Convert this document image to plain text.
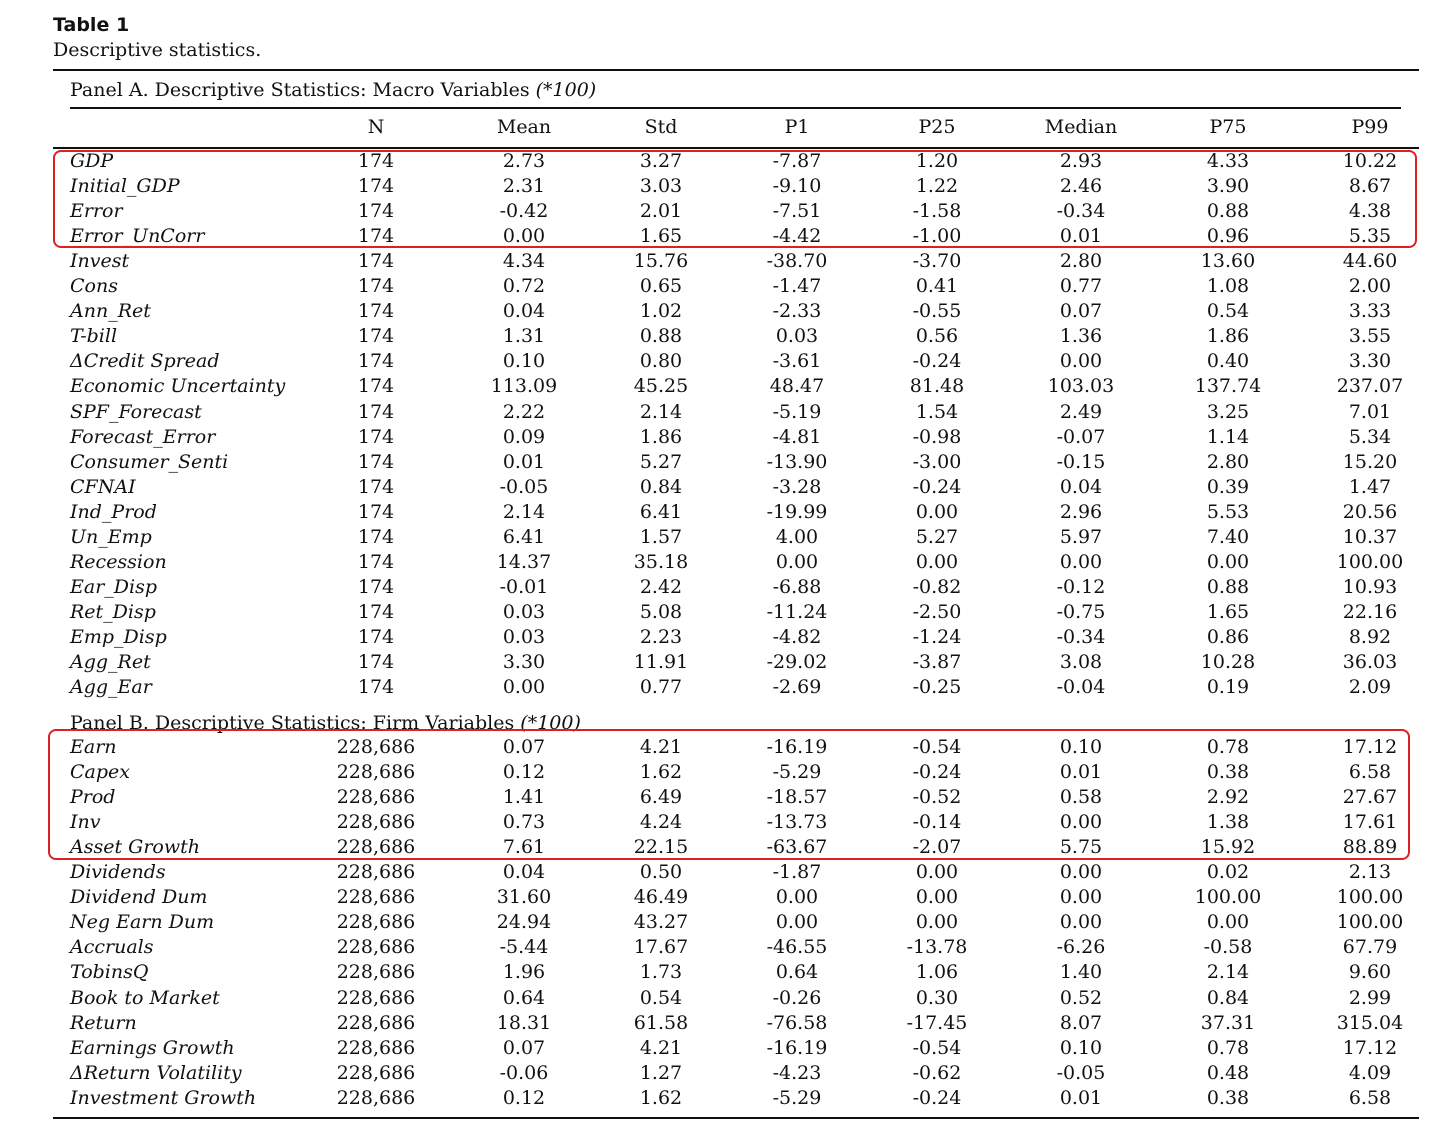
Table 1
Descriptive statistics.
Panel A. Descriptive Statistics: Macro Variables (*100)
N	Mean	Std	P1	P25	Median	P75	P99
GDP	174	2.73	3.27	-7.87	1.20	2.93	4.33	10.22
Initial_GDP	174	2.31	3.03	-9.10	1.22	2.46	3.90	8.67
Error	174	-0.42	2.01	-7.51	-1.58	-0.34	0.88	4.38
Error_UnCorr	174	0.00	1.65	-4.42	-1.00	0.01	0.96	5.35
Invest	174	4.34	15.76	-38.70	-3.70	2.80	13.60	44.60
Cons	174	0.72	0.65	-1.47	0.41	0.77	1.08	2.00
Ann_Ret	174	0.04	1.02	-2.33	-0.55	0.07	0.54	3.33
T-bill	174	1.31	0.88	0.03	0.56	1.36	1.86	3.55
ΔCredit Spread	174	0.10	0.80	-3.61	-0.24	0.00	0.40	3.30
Economic Uncertainty	174	113.09	45.25	48.47	81.48	103.03	137.74	237.07
SPF_Forecast	174	2.22	2.14	-5.19	1.54	2.49	3.25	7.01
Forecast_Error	174	0.09	1.86	-4.81	-0.98	-0.07	1.14	5.34
Consumer_Senti	174	0.01	5.27	-13.90	-3.00	-0.15	2.80	15.20
CFNAI	174	-0.05	0.84	-3.28	-0.24	0.04	0.39	1.47
Ind_Prod	174	2.14	6.41	-19.99	0.00	2.96	5.53	20.56
Un_Emp	174	6.41	1.57	4.00	5.27	5.97	7.40	10.37
Recession	174	14.37	35.18	0.00	0.00	0.00	0.00	100.00
Ear_Disp	174	-0.01	2.42	-6.88	-0.82	-0.12	0.88	10.93
Ret_Disp	174	0.03	5.08	-11.24	-2.50	-0.75	1.65	22.16
Emp_Disp	174	0.03	2.23	-4.82	-1.24	-0.34	0.86	8.92
Agg_Ret	174	3.30	11.91	-29.02	-3.87	3.08	10.28	36.03
Agg_Ear	174	0.00	0.77	-2.69	-0.25	-0.04	0.19	2.09
Panel B. Descriptive Statistics: Firm Variables (*100)
Earn	228,686	0.07	4.21	-16.19	-0.54	0.10	0.78	17.12
Capex	228,686	0.12	1.62	-5.29	-0.24	0.01	0.38	6.58
Prod	228,686	1.41	6.49	-18.57	-0.52	0.58	2.92	27.67
Inv	228,686	0.73	4.24	-13.73	-0.14	0.00	1.38	17.61
Asset Growth	228,686	7.61	22.15	-63.67	-2.07	5.75	15.92	88.89
Dividends	228,686	0.04	0.50	-1.87	0.00	0.00	0.02	2.13
Dividend Dum	228,686	31.60	46.49	0.00	0.00	0.00	100.00	100.00
Neg Earn Dum	228,686	24.94	43.27	0.00	0.00	0.00	0.00	100.00
Accruals	228,686	-5.44	17.67	-46.55	-13.78	-6.26	-0.58	67.79
TobinsQ	228,686	1.96	1.73	0.64	1.06	1.40	2.14	9.60
Book to Market	228,686	0.64	0.54	-0.26	0.30	0.52	0.84	2.99
Return	228,686	18.31	61.58	-76.58	-17.45	8.07	37.31	315.04
Earnings Growth	228,686	0.07	4.21	-16.19	-0.54	0.10	0.78	17.12
ΔReturn Volatility	228,686	-0.06	1.27	-4.23	-0.62	-0.05	0.48	4.09
Investment Growth	228,686	0.12	1.62	-5.29	-0.24	0.01	0.38	6.58
